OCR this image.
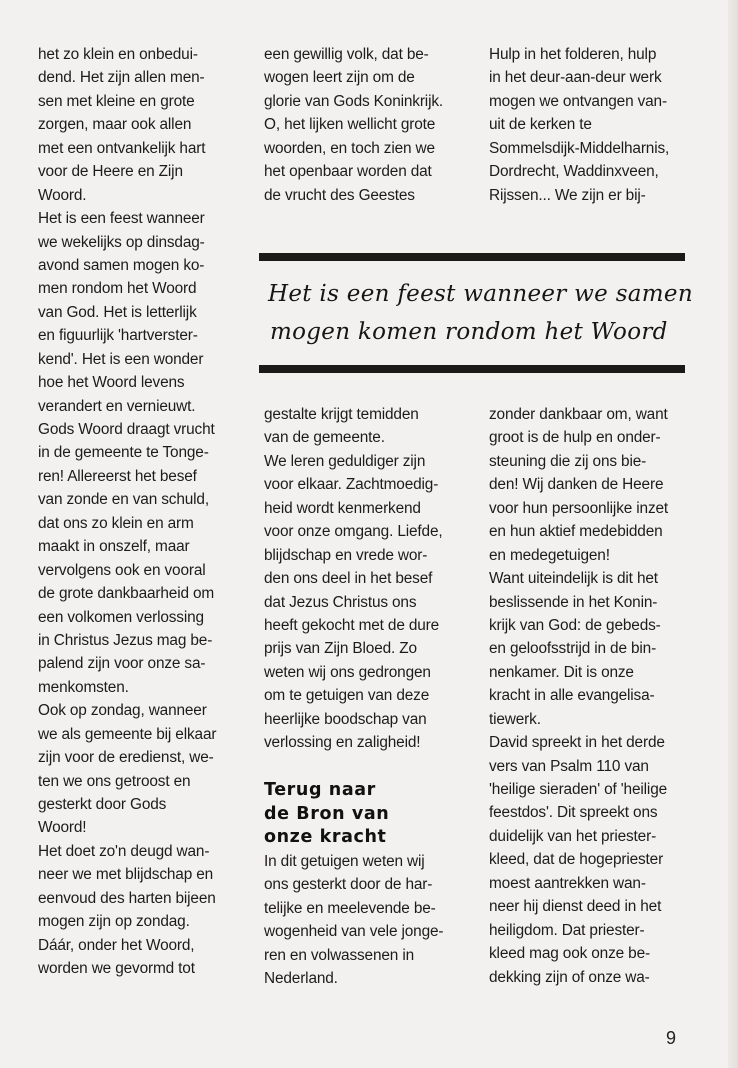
het zo klein en onbedui-
dend. Het zijn allen men-
sen met kleine en grote
zorgen, maar ook allen
met een ontvankelijk hart
voor de Heere en Zijn
Woord.
Het is een feest wanneer
we wekelijks op dinsdag-
avond samen mogen ko-
men rondom het Woord
van God. Het is letterlijk
en figuurlijk 'hartverster-
kend'. Het is een wonder
hoe het Woord levens
verandert en vernieuwt.
Gods Woord draagt vrucht
in de gemeente te Tonge-
ren! Allereerst het besef
van zonde en van schuld,
dat ons zo klein en arm
maakt in onszelf, maar
vervolgens ook en vooral
de grote dankbaarheid om
een volkomen verlossing
in Christus Jezus mag be-
palend zijn voor onze sa-
menkomsten.
Ook op zondag, wanneer
we als gemeente bij elkaar
zijn voor de eredienst, we-
ten we ons getroost en
gesterkt door Gods
Woord!
Het doet zo'n deugd wan-
neer we met blijdschap en
eenvoud des harten bijeen
mogen zijn op zondag.
Dáár, onder het Woord,
worden we gevormd tot
een gewillig volk, dat be-
wogen leert zijn om de
glorie van Gods Koninkrijk.
O, het lijken wellicht grote
woorden, en toch zien we
het openbaar worden dat
de vrucht des Geestes
Hulp in het folderen, hulp
in het deur-aan-deur werk
mogen we ontvangen van-
uit de kerken te
Sommelsdijk-Middelharnis,
Dordrecht, Waddinxveen,
Rijssen... We zijn er bij-
Het is een feest wanneer we samen
mogen komen rondom het Woord
gestalte krijgt temidden
van de gemeente.
We leren geduldiger zijn
voor elkaar. Zachtmoedig-
heid wordt kenmerkend
voor onze omgang. Liefde,
blijdschap en vrede wor-
den ons deel in het besef
dat Jezus Christus ons
heeft gekocht met de dure
prijs van Zijn Bloed. Zo
weten wij ons gedrongen
om te getuigen van deze
heerlijke boodschap van
verlossing en zaligheid!
zonder dankbaar om, want
groot is de hulp en onder-
steuning die zij ons bie-
den! Wij danken de Heere
voor hun persoonlijke inzet
en hun aktief medebidden
en medegetuigen!
Want uiteindelijk is dit het
beslissende in het Konin-
krijk van God: de gebeds-
en geloofsstrijd in de bin-
nenkamer. Dit is onze
kracht in alle evangelisa-
tiewerk.
David spreekt in het derde
vers van Psalm 110 van
'heilige sieraden' of 'heilige
feestdos'. Dit spreekt ons
duidelijk van het priester-
kleed, dat de hogepriester
moest aantrekken wan-
neer hij dienst deed in het
heiligdom. Dat priester-
kleed mag ook onze be-
dekking zijn of onze wa-
Terug naar
de Bron van
onze kracht
In dit getuigen weten wij
ons gesterkt door de har-
telijke en meelevende be-
wogenheid van vele jonge-
ren en volwassenen in
Nederland.
9
